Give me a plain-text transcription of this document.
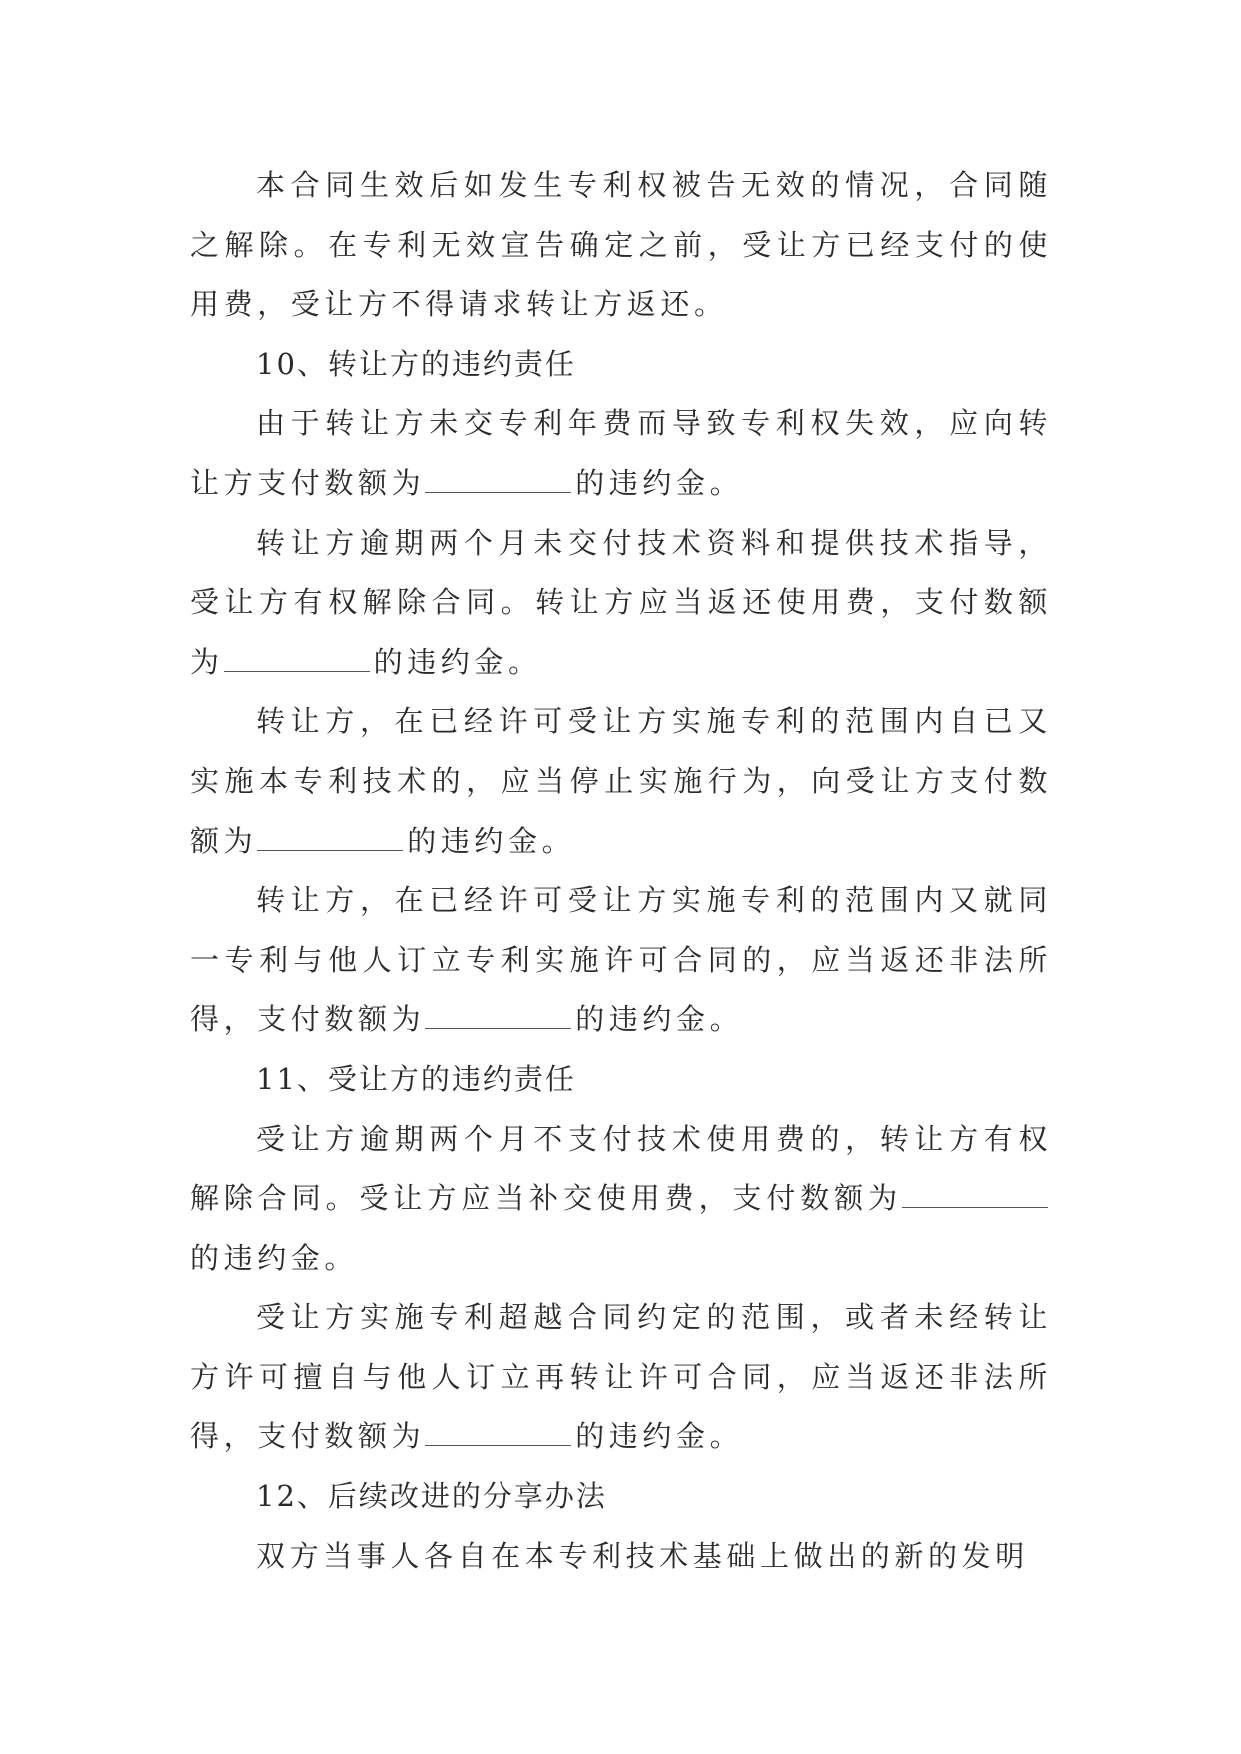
本合同生效后如发生专利权被告无效的情况，合同随之解除。在专利无效宣告确定之前，受让方已经支付的使用费，受让方不得请求转让方返还。

10、转让方的违约责任

由于转让方未交专利年费而导致专利权失效，应向转让方支付数额为	的违约金。

转让方逾期两个月未交付技术资料和提供技术指导，受让方有权解除合同。转让方应当返还使用费，支付数额为	的违约金。

转让方，在已经许可受让方实施专利的范围内自已又实施本专利技术的，应当停止实施行为，向受让方支付数额为	的违约金。

转让方，在已经许可受让方实施专利的范围内又就同一专利与他人订立专利实施许可合同的，应当返还非法所得，支付数额为	的违约金。

11、受让方的违约责任

受让方逾期两个月不支付技术使用费的，转让方有权解除合同。受让方应当补交使用费，支付数额为的违约金。

受让方实施专利超越合同约定的范围，或者未经转让方许可擅自与他人订立再转让许可合同，应当返还非法所得，支付数额为	的违约金。

12、后续改进的分享办法

双方当事人各自在本专利技术基础上做出的新的发明
